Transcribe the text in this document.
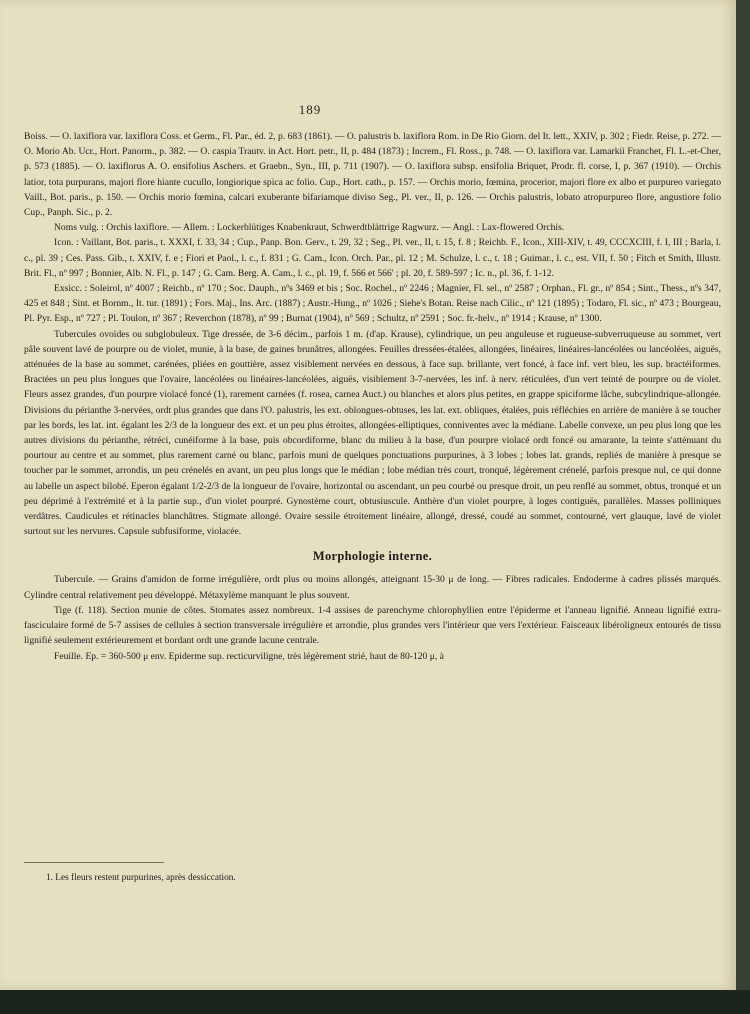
189

Boiss. — O. laxiflora var. laxiflora Coss. et Germ., Fl. Par., éd. 2, p. 683 (1861). — O. palustris b. laxiflora Rom. in De Rio Giorn. del It. lett., XXIV, p. 302 ; Fiedr. Reise, p. 272. — O. Morio Ab. Ucr., Hort. Panorm., p. 382. — O. caspia Trautv. in Act. Hort. petr., II, p. 484 (1873) ; Increm., Fl. Ross., p. 748. — O. laxiflora var. Lamarkii Franchet, Fl. L.-et-Cher, p. 573 (1885). — O. laxiflorus A. O. ensifolius Aschers. et Graebn., Syn., III, p. 711 (1907). — O. laxiflora subsp. ensifolia Briquet, Prodr. fl. corse, I, p. 367 (1910). — Orchis latior, tota purpurans, majori flore hiante cucullo, longiorique spica ac folio. Cup., Hort. cath., p. 157. — Orchis morio, fœmina, procerior, majori flore ex albo et purpureo variegato Vaill., Bot. paris., p. 150. — Orchis morio fœmina, calcari exuberante bifariamque diviso Seg., Pl. ver., II, p. 126. — Orchis palustris, lobato atropurpureo flore, angustiore folio Cup., Panph. Sic., p. 2.

Noms vulg. : Orchis laxiflore. — Allem. : Lockerblütiges Knabenkraut, Schwerdtblättrige Ragwurz. — Angl. : Lax-flowered Orchis.

Icon. : Vaillant, Bot. paris., t. XXXI, f. 33, 34 ; Cup., Panp. Bon. Gerv., t. 29, 32 ; Seg., Pl. ver., II, t. 15, f. 8 ; Reichb. F., Icon., XIII-XIV, t. 49, CCCXCIII, f. I, III ; Barla, l. c., pl. 39 ; Ces. Pass. Gib., t. XXIV, f. e ; Fiori et Paol., l. c., f. 831 ; G. Cam., Icon. Orch. Par., pl. 12 ; M. Schulze, l. c., t. 18 ; Guimar., l. c., est. VII, f. 50 ; Fitch et Smith, Illustr. Brit. Fl., nº 997 ; Bonnier, Alb. N. Fl., p. 147 ; G. Cam. Berg. A. Cam., l. c., pl. 19, f. 566 et 566' ; pl. 20, f. 589-597 ; Ic. n., pl. 36, f. 1-12.

Exsicc. : Soleirol, nº 4007 ; Reichb., nº 170 ; Soc. Dauph., nºs 3469 et bis ; Soc. Rochel., nº 2246 ; Magnier, Fl. sel., nº 2587 ; Orphan., Fl. gr., nº 854 ; Sint., Thess., nºs 347, 425 et 848 ; Sint. et Bornm., It. tur. (1891) ; Fors. Maj., Ins. Arc. (1887) ; Austr.-Hung., nº 1026 ; Siehe's Botan. Reise nach Cilic., nº 121 (1895) ; Todaro, Fl. sic., nº 473 ; Bourgeau, Pl. Pyr. Esp., nº 727 ; Pl. Toulon, nº 367 ; Reverchon (1878), nº 99 ; Burnat (1904), nº 569 ; Schultz, nº 2591 ; Soc. fr.-helv., nº 1914 ; Krause, nº 1300.

Tubercules ovoïdes ou subglobuleux. Tige dressée, de 3-6 décim., parfois 1 m. (d'ap. Krause), cylindrique, un peu anguleuse et rugueuse-subverruqueuse au sommet, vert pâle souvent lavé de pourpre ou de violet, munie, à la base, de gaines brunâtres, allongées. Feuilles dressées-étalées, allongées, linéaires, linéaires-lancéolées ou lancéolées, aiguës, atténuées de la base au sommet, carénées, pliées en gouttière, assez visiblement nervées en dessous, à face sup. brillante, vert foncé, à face inf. vert bleu, les sup. bractéiformes. Bractées un peu plus longues que l'ovaire, lancéolées ou linéaires-lancéolées, aiguës, visiblement 3-7-nervées, les inf. à nerv. réticulées, d'un vert teinté de pourpre ou de violet. Fleurs assez grandes, d'un pourpre violacé foncé (1), rarement carnées (f. rosea, carnea Auct.) ou blanches et alors plus petites, en grappe spiciforme lâche, subcylindrique-allongée. Divisions du périanthe 3-nervées, ordt plus grandes que dans l'O. palustris, les ext. oblongues-obtuses, les lat. ext. obliques, étalées, puis réfléchies en arrière de manière à se toucher par les bords, les lat. int. égalant les 2/3 de la longueur des ext. et un peu plus étroites, allongées-elliptiques, conniventes avec la médiane. Labelle convexe, un peu plus long que les autres divisions du périanthe, rétréci, cunéiforme à la base, puis obcordiforme, blanc du milieu à la base, d'un pourpre violacé ordt foncé ou amarante, la teinte s'atténuant du pourtour au centre et au sommet, plus rarement carné ou blanc, parfois muni de quelques ponctuations purpurines, à 3 lobes ; lobes lat. grands, repliés de manière à presque se toucher par le sommet, arrondis, un peu crénelés en avant, un peu plus longs que le médian ; lobe médian très court, tronqué, légèrement crénelé, parfois presque nul, ce qui donne au labelle un aspect bilobé. Eperon égalant 1/2-2/3 de la longueur de l'ovaire, horizontal ou ascendant, un peu courbé ou presque droit, un peu renflé au sommet, obtus, tronqué et un peu déprimé à l'extrémité et à la partie sup., d'un violet pourpré. Gynostème court, obtusiuscule. Anthère d'un violet pourpre, à loges contiguës, parallèles. Masses polliniques verdâtres. Caudicules et rétinacles blanchâtres. Stigmate allongé. Ovaire sessile étroitement linéaire, allongé, dressé, coudé au sommet, contourné, vert glauque, lavé de violet surtout sur les nervures. Capsule subfusiforme, violacée.

Morphologie interne.

Tubercule. — Grains d'amidon de forme irrégulière, ordt plus ou moins allongés, atteignant 15-30 μ de long. — Fibres radicales. Endoderme à cadres plissés marqués. Cylindre central relativement peu développé. Métaxylème manquant le plus souvent.

Tige (f. 118). Section munie de côtes. Stomates assez nombreux. 1-4 assises de parenchyme chlorophyllien entre l'épiderme et l'anneau lignifié. Anneau lignifié extra-fasciculaire formé de 5-7 assises de cellules à section transversale irrégulière et arrondie, plus grandes vers l'intérieur que vers l'extérieur. Faisceaux libéroligneux entourés de tissu lignifié seulement extérieurement et bordant ordt une grande lacune centrale.

Feuille. Ep. = 360-500 μ env. Epiderme sup. recticurviligne, très légèrement strié, haut de 80-120 μ, à

1. Les fleurs restent purpurines, après dessiccation.
